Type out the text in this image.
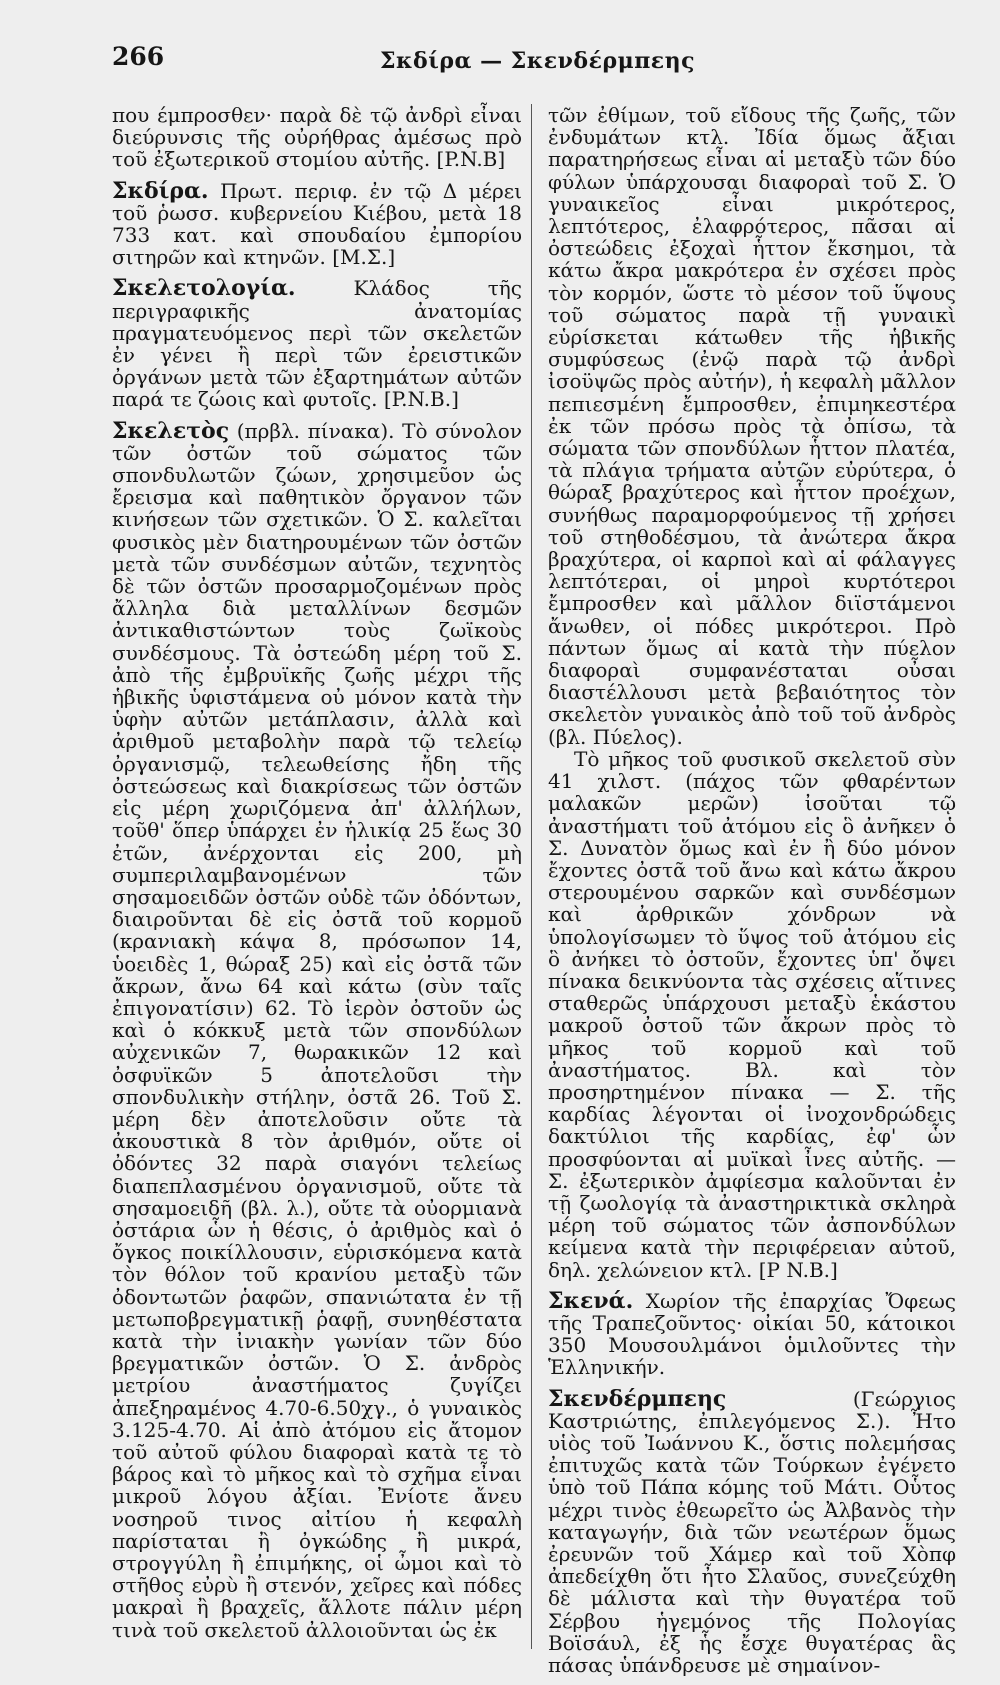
266	Σκδίρα — Σκενδέρμπεης

που έμπροσθεν· παρὰ δὲ τῷ ἀνδρὶ εἶναι διεύρυνσις τῆς οὐρήθρας ἀμέσως πρὸ τοῦ ἐξωτερικοῦ στομίου αὐτῆς. [P.N.B]

Σκδίρα. Πρωτ. περιφ. ἐν τῷ Δ μέρει τοῦ ῥωσσ. κυβερνείου Κιέβου, μετὰ 18 733 κατ. καὶ σπουδαίου ἐμπορίου σιτηρῶν καὶ κτηνῶν. [Μ.Σ.]

Σκελετολογία. Κλάδος τῆς περιγραφικῆς ἀνατομίας πραγματευόμενος περὶ τῶν σκελετῶν ἐν γένει ἢ περὶ τῶν ἐρειστικῶν ὀργάνων μετὰ τῶν ἐξαρτημάτων αὐτῶν παρά τε ζώοις καὶ φυτοῖς. [P.N.B.]

Σκελετὸς (πρβλ. πίνακα). Τὸ σύνολον τῶν ὀστῶν τοῦ σώματος τῶν σπονδυλωτῶν ζώων, χρησιμεῦον ὡς ἔρεισμα καὶ παθητικὸν ὄργανον τῶν κινήσεων τῶν σχετικῶν. Ὁ Σ. καλεῖται φυσικὸς μὲν διατηρουμένων τῶν ὀστῶν μετὰ τῶν συνδέσμων αὐτῶν, τεχνητὸς δὲ τῶν ὀστῶν προσαρμοζομένων πρὸς ἄλληλα διὰ μεταλλίνων δεσμῶν ἀντικαθιστώντων τοὺς ζωϊκοὺς συνδέσμους. Τὰ ὀστεώδη μέρη τοῦ Σ. ἀπὸ τῆς ἐμβρυϊκῆς ζωῆς μέχρι τῆς ἡβικῆς ὑφιστάμενα οὐ μόνον κατὰ τὴν ὑφὴν αὐτῶν μετάπλασιν, ἀλλὰ καὶ ἀριθμοῦ μεταβολὴν παρὰ τῷ τελείῳ ὀργανισμῷ, τελεωθείσης ἤδη τῆς ὀστεώσεως καὶ διακρίσεως τῶν ὀστῶν εἰς μέρη χωριζόμενα ἀπ' ἀλλήλων, τοῦθ' ὅπερ ὑπάρχει ἐν ἡλικίᾳ 25 ἕως 30 ἐτῶν, ἀνέρχονται εἰς 200, μὴ συμπεριλαμβανομένων τῶν σησαμοειδῶν ὀστῶν οὐδὲ τῶν ὀδόντων, διαιροῦνται δὲ εἰς ὀστᾶ τοῦ κορμοῦ (κρανιακὴ κάψα 8, πρόσωπον 14, ὑοειδὲς 1, θώραξ 25) καὶ εἰς ὀστᾶ τῶν ἄκρων, ἄνω 64 καὶ κάτω (σὺν ταῖς ἐπιγονατίσιν) 62. Τὸ ἱερὸν ὀστοῦν ὡς καὶ ὁ κόκκυξ μετὰ τῶν σπονδύλων αὐχενικῶν 7, θωρακικῶν 12 καὶ ὀσφυϊκῶν 5 ἀποτελοῦσι τὴν σπονδυλικὴν στήλην, ὀστᾶ 26. Τοῦ Σ. μέρη δὲν ἀποτελοῦσιν οὔτε τὰ ἀκουστικὰ 8 τὸν ἀριθμόν, οὔτε οἱ ὀδόντες 32 παρὰ σιαγόνι τελείως διαπεπλασμένου ὀργανισμοῦ, οὔτε τὰ σησαμοειδῆ (βλ. λ.), οὔτε τὰ οὐορμιανὰ ὀστάρια ὧν ἡ θέσις, ὁ ἀριθμὸς καὶ ὁ ὄγκος ποικίλλουσιν, εὑρισκόμενα κατὰ τὸν θόλον τοῦ κρανίου μεταξὺ τῶν ὀδοντωτῶν ῥαφῶν, σπανιώτατα ἐν τῇ μετωποβρεγματικῇ ῥαφῇ, συνηθέστατα κατὰ τὴν ἰνιακὴν γωνίαν τῶν δύο βρεγματικῶν ὀστῶν. Ὁ Σ. ἀνδρὸς μετρίου ἀναστήματος ζυγίζει ἀπεξηραμένος 4.70-6.50χγ., ὁ γυναικὸς 3.125-4.70. Αἱ ἀπὸ ἀτόμου εἰς ἄτομον τοῦ αὐτοῦ φύλου διαφοραὶ κατὰ τε τὸ βάρος καὶ τὸ μῆκος καὶ τὸ σχῆμα εἶναι μικροῦ λόγου ἀξίαι. Ἐνίοτε ἄνευ νοσηροῦ τινος αἰτίου ἡ κεφαλὴ παρίσταται ἢ ὀγκώδης ἢ μικρά, στρογγύλη ἢ ἐπιμήκης, οἱ ὦμοι καὶ τὸ στῆθος εὐρὺ ἢ στενόν, χεῖρες καὶ πόδες μακραὶ ἢ βραχεῖς, ἄλλοτε πάλιν μέρη τινὰ τοῦ σκελετοῦ ἀλλοιοῦνται ὡς ἐκ

τῶν ἐθίμων, τοῦ εἴδους τῆς ζωῆς, τῶν ἐνδυμάτων κτλ. Ἰδία ὅμως ἄξιαι παρατηρήσεως εἶναι αἱ μεταξὺ τῶν δύο φύλων ὑπάρχουσαι διαφοραὶ τοῦ Σ. Ὁ γυναικεῖος εἶναι μικρότερος, λεπτότερος, ἐλαφρότερος, πᾶσαι αἱ ὀστεώδεις ἐξοχαὶ ἧττον ἔκσημοι, τὰ κάτω ἄκρα μακρότερα ἐν σχέσει πρὸς τὸν κορμόν, ὥστε τὸ μέσον τοῦ ὕψους τοῦ σώματος παρὰ τῇ γυναικὶ εὑρίσκεται κάτωθεν τῆς ἡβικῆς συμφύσεως (ἐνῷ παρὰ τῷ ἀνδρὶ ἰσοϋψῶς πρὸς αὐτήν), ἡ κεφαλὴ μᾶλλον πεπιεσμένη ἔμπροσθεν, ἐπιμηκεστέρα ἐκ τῶν πρόσω πρὸς τὰ ὀπίσω, τὰ σώματα τῶν σπονδύλων ἧττον πλατέα, τὰ πλάγια τρήματα αὐτῶν εὐρύτερα, ὁ θώραξ βραχύτερος καὶ ἧττον προέχων, συνήθως παραμορφούμενος τῇ χρήσει τοῦ στηθοδέσμου, τὰ ἀνώτερα ἄκρα βραχύτερα, οἱ καρποὶ καὶ αἱ φάλαγγες λεπτότεραι, οἱ μηροὶ κυρτότεροι ἔμπροσθεν καὶ μᾶλλον διϊστάμενοι ἄνωθεν, οἱ πόδες μικρότεροι. Πρὸ πάντων ὅμως αἱ κατὰ τὴν πύελον διαφοραὶ συμφανέσταται οὖσαι διαστέλλουσι μετὰ βεβαιότητος τὸν σκελετὸν γυναικὸς ἀπὸ τοῦ τοῦ ἀνδρὸς (βλ. Πύελος).

Τὸ μῆκος τοῦ φυσικοῦ σκελετοῦ σὺν 41 χιλστ. (πάχος τῶν φθαρέντων μαλακῶν μερῶν) ἰσοῦται τῷ ἀναστήματι τοῦ ἀτόμου εἰς ὃ ἀνῆκεν ὁ Σ. Δυνατὸν ὅμως καὶ ἐν ἢ δύο μόνον ἔχοντες ὀστᾶ τοῦ ἄνω καὶ κάτω ἄκρου στερουμένου σαρκῶν καὶ συνδέσμων καὶ ἀρθρικῶν χόνδρων νὰ ὑπολογίσωμεν τὸ ὕψος τοῦ ἀτόμου εἰς ὃ ἀνήκει τὸ ὀστοῦν, ἔχοντες ὑπ' ὄψει πίνακα δεικνύοντα τὰς σχέσεις αἵτινες σταθερῶς ὑπάρχουσι μεταξὺ ἑκάστου μακροῦ ὀστοῦ τῶν ἄκρων πρὸς τὸ μῆκος τοῦ κορμοῦ καὶ τοῦ ἀναστήματος. Βλ. καὶ τὸν προσηρτημένον πίνακα — Σ. τῆς καρδίας λέγονται οἱ ἰνοχονδρώδεις δακτύλιοι τῆς καρδίας, ἐφ' ὧν προσφύονται αἱ μυϊκαὶ ἶνες αὐτῆς. — Σ. ἐξωτερικὸν ἀμφίεσμα καλοῦνται ἐν τῇ ζωολογίᾳ τὰ ἀναστηρικτικὰ σκληρὰ μέρη τοῦ σώματος τῶν ἀσπονδύλων κείμενα κατὰ τὴν περιφέρειαν αὐτοῦ, δηλ. χελώνειον κτλ. [P N.B.]

Σκενά. Χωρίον τῆς ἐπαρχίας Ὄφεως τῆς Τραπεζοῦντος· οἰκίαι 50, κάτοικοι 350 Μουσουλμάνοι ὁμιλοῦντες τὴν Ἑλληνικήν.

Σκενδέρμπεης (Γεώργιος Καστριώτης, ἐπιλεγόμενος Σ.). Ἦτο υἱὸς τοῦ Ἰωάννου Κ., ὅστις πολεμήσας ἐπιτυχῶς κατὰ τῶν Τούρκων ἐγένετο ὑπὸ τοῦ Πάπα κόμης τοῦ Μάτι. Οὗτος μέχρι τινὸς ἐθεωρεῖτο ὡς Ἀλβανὸς τὴν καταγωγήν, διὰ τῶν νεωτέρων ὅμως ἐρευνῶν τοῦ Χάμερ καὶ τοῦ Χὸπφ ἀπεδείχθη ὅτι ἦτο Σλαῦος, συνεζεύχθη δὲ μάλιστα καὶ τὴν θυγατέρα τοῦ Σέρβου ἡγεμόνος τῆς Πολογίας Βοϊσάυλ, ἐξ ἧς ἔσχε θυγατέρας ἃς πάσας ὑπάνδρευσε μὲ σημαίνον-
